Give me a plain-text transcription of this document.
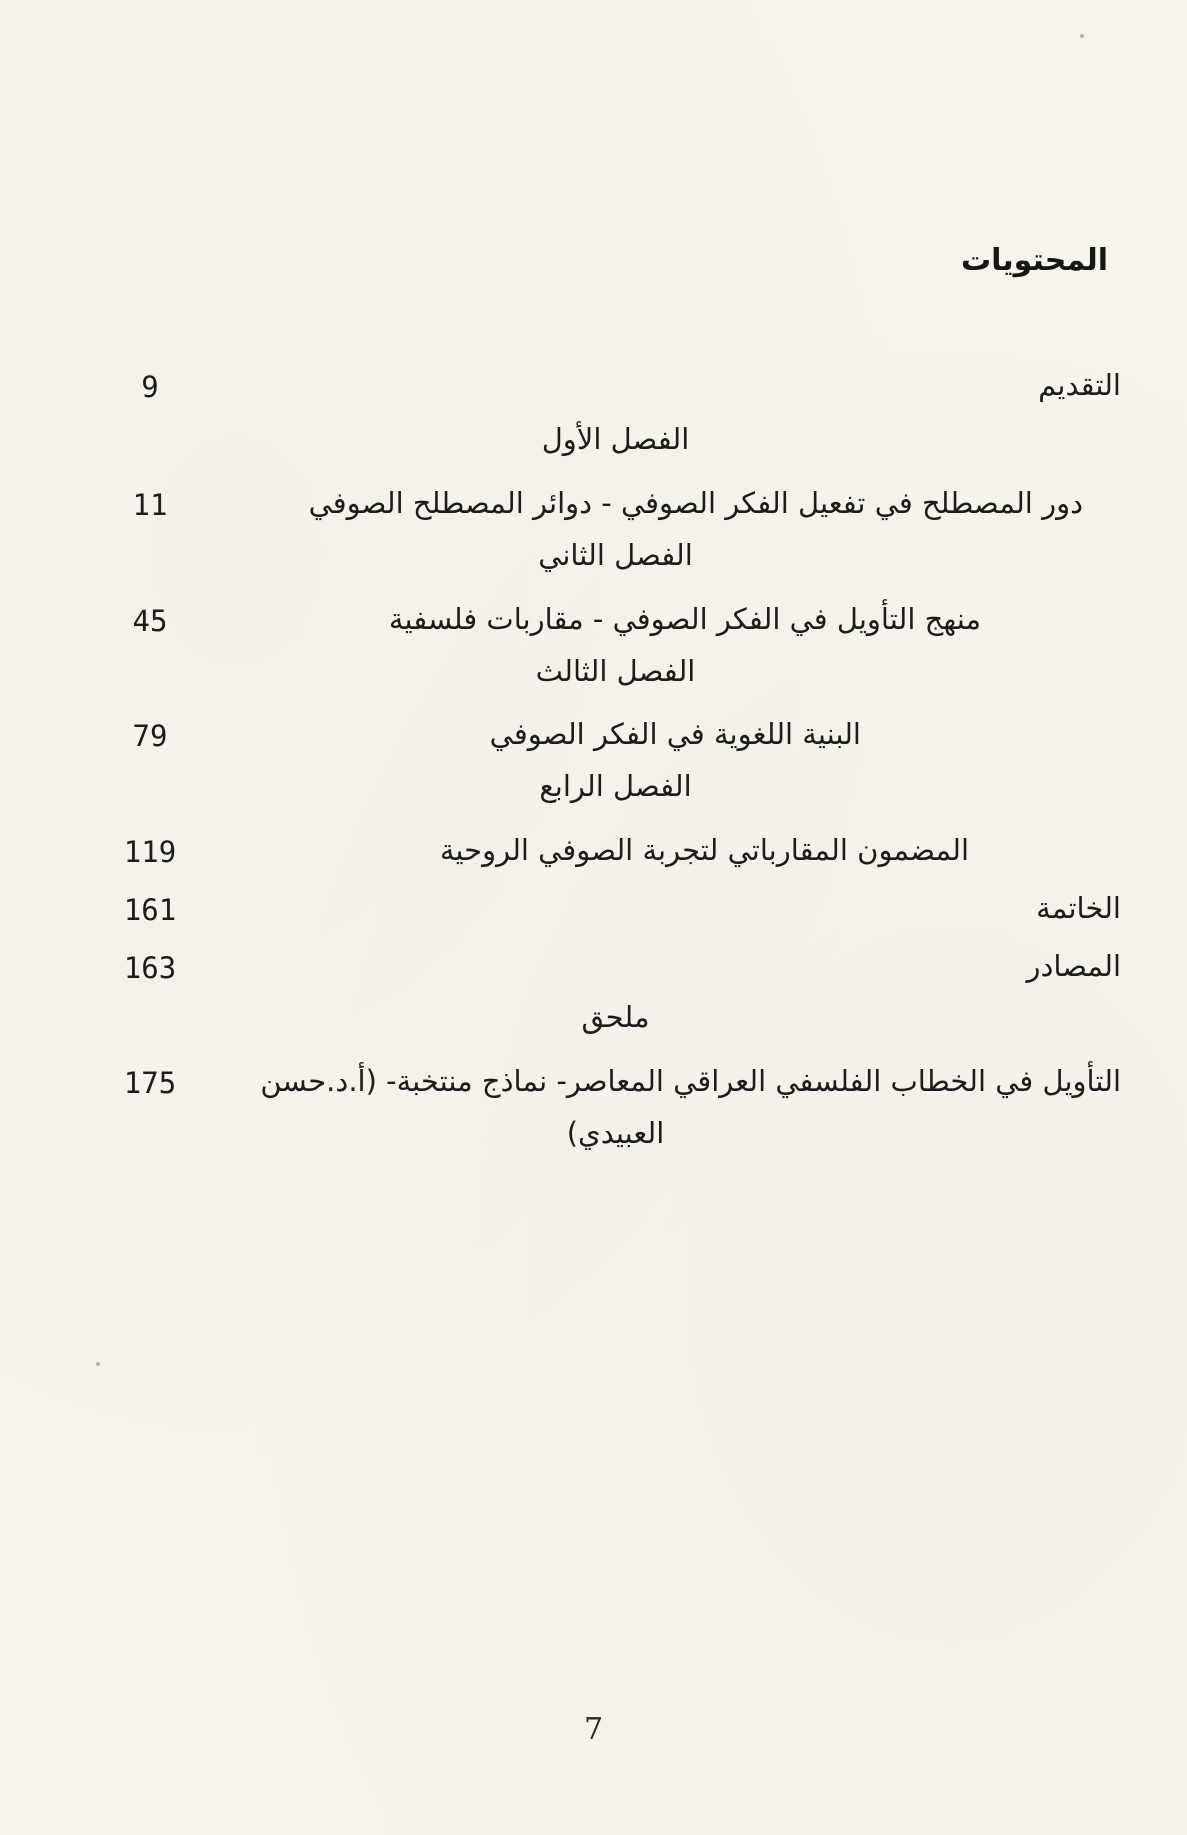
المحتويات
التقديم
9
الفصل الأول
دور المصطلح في تفعيل الفكر الصوفي - دوائر المصطلح الصوفي
11
الفصل الثاني
منهج التأويل في الفكر الصوفي - مقاربات فلسفية
45
الفصل الثالث
البنية اللغوية في الفكر الصوفي
79
الفصل الرابع
المضمون المقارباتي لتجربة الصوفي الروحية
119
الخاتمة
161
المصادر
163
ملحق
التأويل في الخطاب الفلسفي العراقي المعاصر- نماذج منتخبة- (أ.د.حسن
175
العبيدي)
7
